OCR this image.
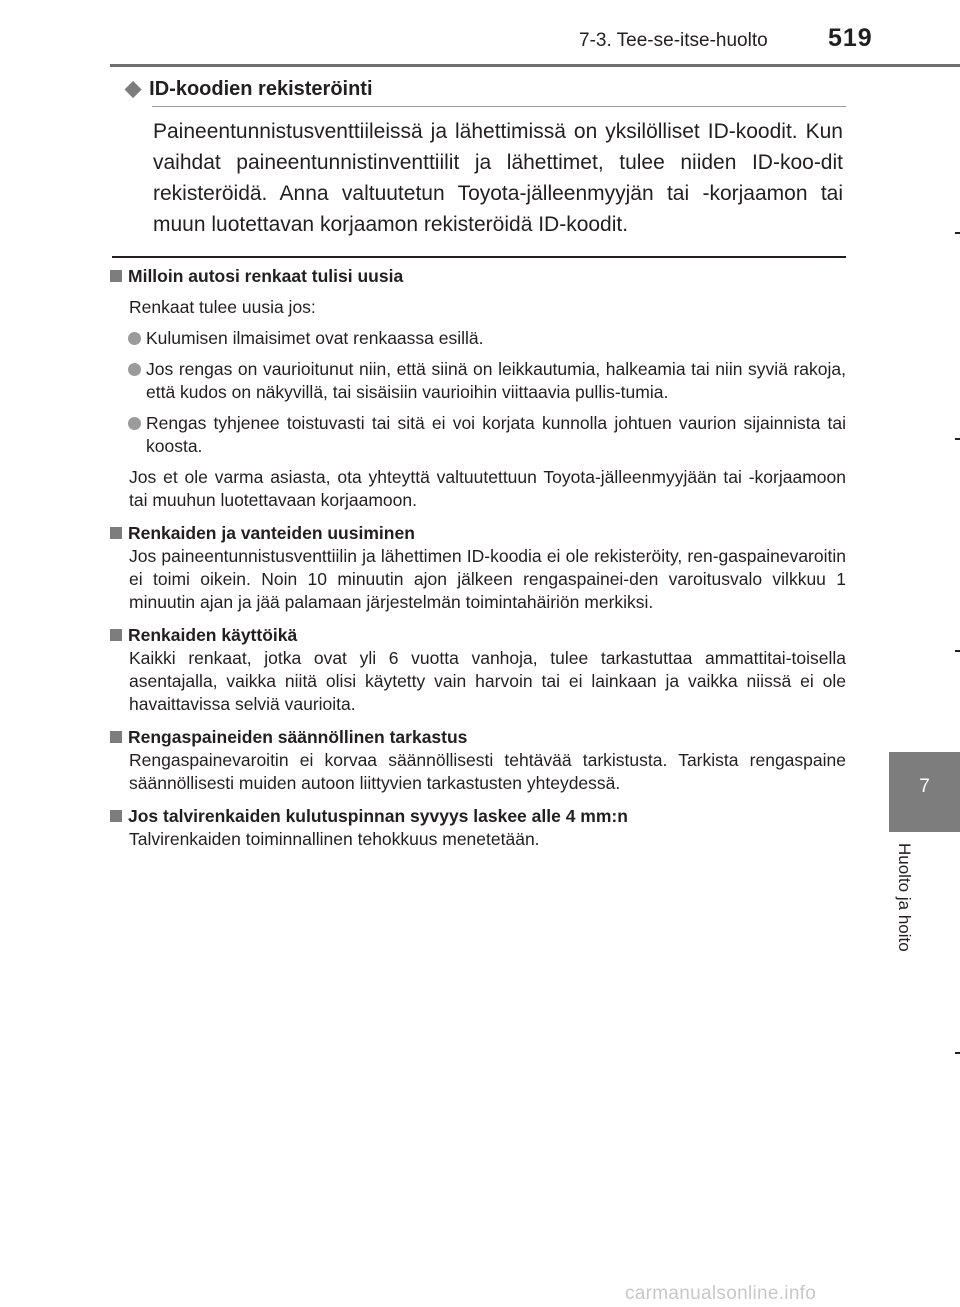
7-3. Tee-se-itse-huolto 519
7
Huolto ja hoito
◆ ID-koodien rekisteröinti
Paineentunnistusventtiileissä ja lähettimissä on yksilölliset ID-koodit. Kun vaihdat paineentunnistinventtiilit ja lähettimet, tulee niiden ID-koo-dit rekisteröidä. Anna valtuutetun Toyota-jälleenmyyjän tai -korjaamon tai muun luotettavan korjaamon rekisteröidä ID-koodit.

Milloin autosi renkaat tulisi uusia

Renkaat tulee uusia jos:

Kulumisen ilmaisimet ovat renkaassa esillä.
Jos rengas on vaurioitunut niin, että siinä on leikkautumia, halkeamia tai niin syviä rakoja, että kudos on näkyvillä, tai sisäisiin vaurioihin viittaavia pullis-tumia.
Rengas tyhjenee toistuvasti tai sitä ei voi korjata kunnolla johtuen vaurion sijainnista tai koosta.

Jos et ole varma asiasta, ota yhteyttä valtuutettuun Toyota-jälleenmyyjään tai -korjaamoon tai muuhun luotettavaan korjaamoon.

Renkaiden ja vanteiden uusiminen

Jos paineentunnistusventtiilin ja lähettimen ID-koodia ei ole rekisteröity, ren-gaspainevaroitin ei toimi oikein. Noin 10 minuutin ajon jälkeen rengaspainei-den varoitusvalo vilkkuu 1 minuutin ajan ja jää palamaan järjestelmän toimintahäiriön merkiksi.

Renkaiden käyttöikä

Kaikki renkaat, jotka ovat yli 6 vuotta vanhoja, tulee tarkastuttaa ammattitai-toisella asentajalla, vaikka niitä olisi käytetty vain harvoin tai ei lainkaan ja vaikka niissä ei ole havaittavissa selviä vaurioita.

Rengaspaineiden säännöllinen tarkastus

Rengaspainevaroitin ei korvaa säännöllisesti tehtävää tarkistusta. Tarkista rengaspaine säännöllisesti muiden autoon liittyvien tarkastusten yhteydessä.

Jos talvirenkaiden kulutuspinnan syvyys laskee alle 4 mm:n

Talvirenkaiden toiminnallinen tehokkuus menetetään.

carmanualsonline.info
